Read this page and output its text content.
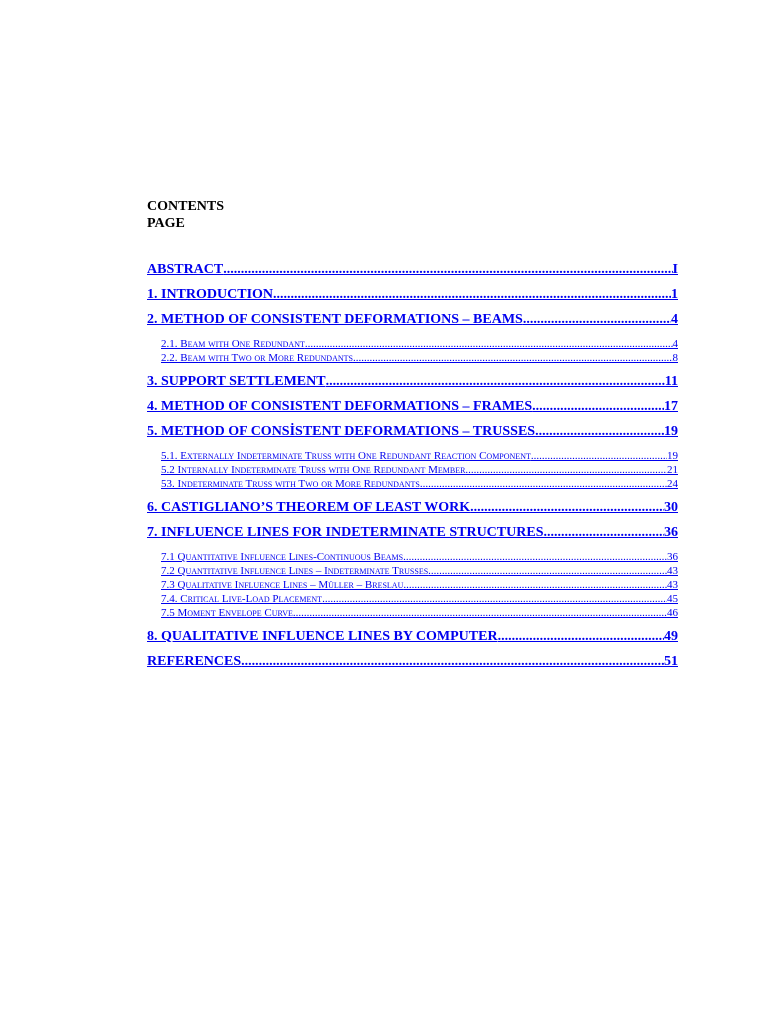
CONTENTS

PAGE

ABSTRACT .....	I
1. INTRODUCTION .....	1
2. METHOD OF CONSISTENT DEFORMATIONS – BEAMS .....	4
2.1. Beam with One Redundant .....	4
2.2. Beam with Two or More Redundants .....	8
3. SUPPORT SETTLEMENT .....	11
4. METHOD OF CONSISTENT DEFORMATIONS – FRAMES .....	17
5. METHOD OF CONSİSTENT DEFORMATIONS – TRUSSES .....	19
5.1. Externally Indeterminate Truss with One Redundant Reaction Component .....	19
5.2 Internally Indeterminate Truss with One Redundant Member .....	21
53. Indeterminate Truss with Two or More Redundants .....	24
6. CASTIGLIANO’S THEOREM OF LEAST WORK .....	30
7. INFLUENCE LINES FOR INDETERMINATE STRUCTURES .....	36
7.1 Quantitative Influence Lines-Continuous Beams .....	36
7.2 Quantitative Influence Lines – Indeterminate Trusses .....	43
7.3 Qualitative Influence Lines – Müller – Breslau .....	43
7.4. Critical Live-Load Placement .....	45
7.5 Moment Envelope Curve .....	46
8. QUALITATIVE INFLUENCE LINES BY COMPUTER .....	49
REFERENCES .....	51
